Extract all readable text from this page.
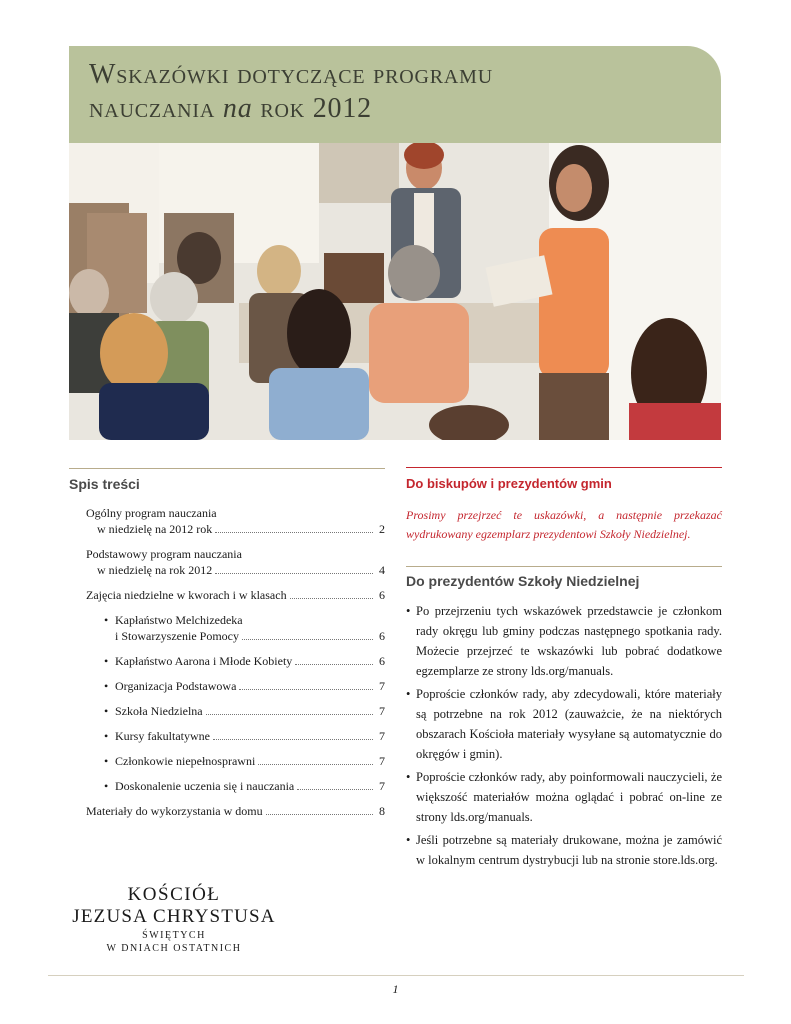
Wskazówki dotyczące programu
nauczania na rok 2012
Spis treści
Ogólny program nauczania
w niedzielę na 2012 rok	2
Podstawowy program nauczania
w niedzielę na rok 2012	4
Zajęcia niedzielne w kworach i w klasach	6
• Kapłaństwo Melchizedeka
i Stowarzyszenie Pomocy	6
• Kapłaństwo Aarona i Młode Kobiety	6
• Organizacja Podstawowa	7
• Szkoła Niedzielna	7
• Kursy fakultatywne	7
• Członkowie niepełnosprawni	7
• Doskonalenie uczenia się i nauczania	7
Materiały do wykorzystania w domu	8
KOŚCIÓŁ
JEZUSA CHRYSTUSA
ŚWIĘTYCH
W DNIACH OSTATNICH
Do biskupów i prezydentów gmin

Prosimy przejrzeć te uskazówki, a następnie przekazać wydrukowany egzemplarz prezydentowi Szkoły Niedzielnej.

Do prezydentów Szkoły Niedzielnej
• Po przejrzeniu tych wskazówek przedstawcie je członkom rady okręgu lub gminy podczas następnego spotkania rady. Możecie przejrzeć te wskazówki lub pobrać dodatkowe egzemplarze ze strony lds.org/manuals.
• Poproście członków rady, aby zdecydowali, które materiały są potrzebne na rok 2012 (zauważcie, że na niektórych obszarach Kościoła materiały wysyłane są automatycznie do okręgów i gmin).
• Poproście członków rady, aby poinformowali nauczycieli, że większość materiałów można oglądać i pobrać on-line ze strony lds.org/manuals.
• Jeśli potrzebne są materiały drukowane, można je zamówić w lokalnym centrum dystrybucji lub na stronie store.lds.org.
1
